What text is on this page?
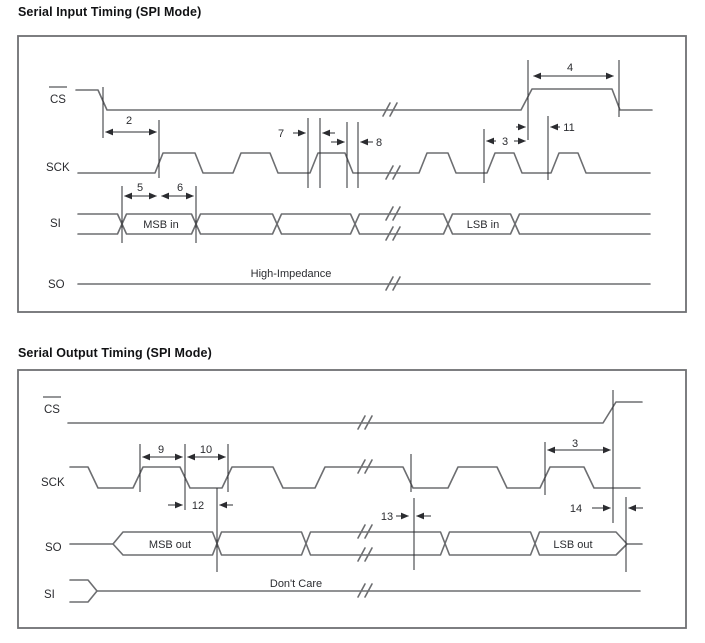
Serial Input Timing (SPI Mode)
Serial Output Timing (SPI Mode)
CS
SCK
SI
SO
MSB in	LSB in
High-Impedance
2
5	6
7
8
4
3
11
CS
SCK
SO
SI
MSB out	LSB out
Don't Care
9	10
12
13
3
14
